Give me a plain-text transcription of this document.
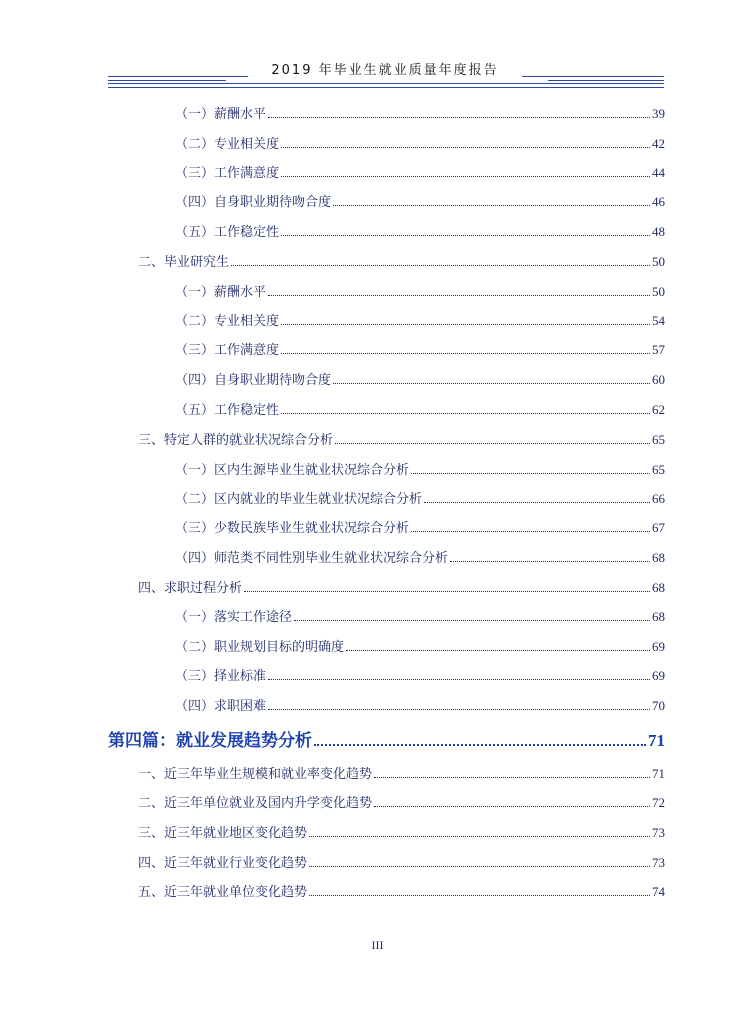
2019 年毕业生就业质量年度报告
（一）薪酬水平	39
（二）专业相关度	42
（三）工作满意度	44
（四）自身职业期待吻合度	46
（五）工作稳定性	48
二、毕业研究生	50
（一）薪酬水平	50
（二）专业相关度	54
（三）工作满意度	57
（四）自身职业期待吻合度	60
（五）工作稳定性	62
三、特定人群的就业状况综合分析	65
（一）区内生源毕业生就业状况综合分析	65
（二）区内就业的毕业生就业状况综合分析	66
（三）少数民族毕业生就业状况综合分析	67
（四）师范类不同性别毕业生就业状况综合分析	68
四、求职过程分析	68
（一）落实工作途径	68
（二）职业规划目标的明确度	69
（三）择业标准	69
（四）求职困难	70
第四篇：就业发展趋势分析	71
一、近三年毕业生规模和就业率变化趋势	71
二、近三年单位就业及国内升学变化趋势	72
三、近三年就业地区变化趋势	73
四、近三年就业行业变化趋势	73
五、近三年就业单位变化趋势	74
III
